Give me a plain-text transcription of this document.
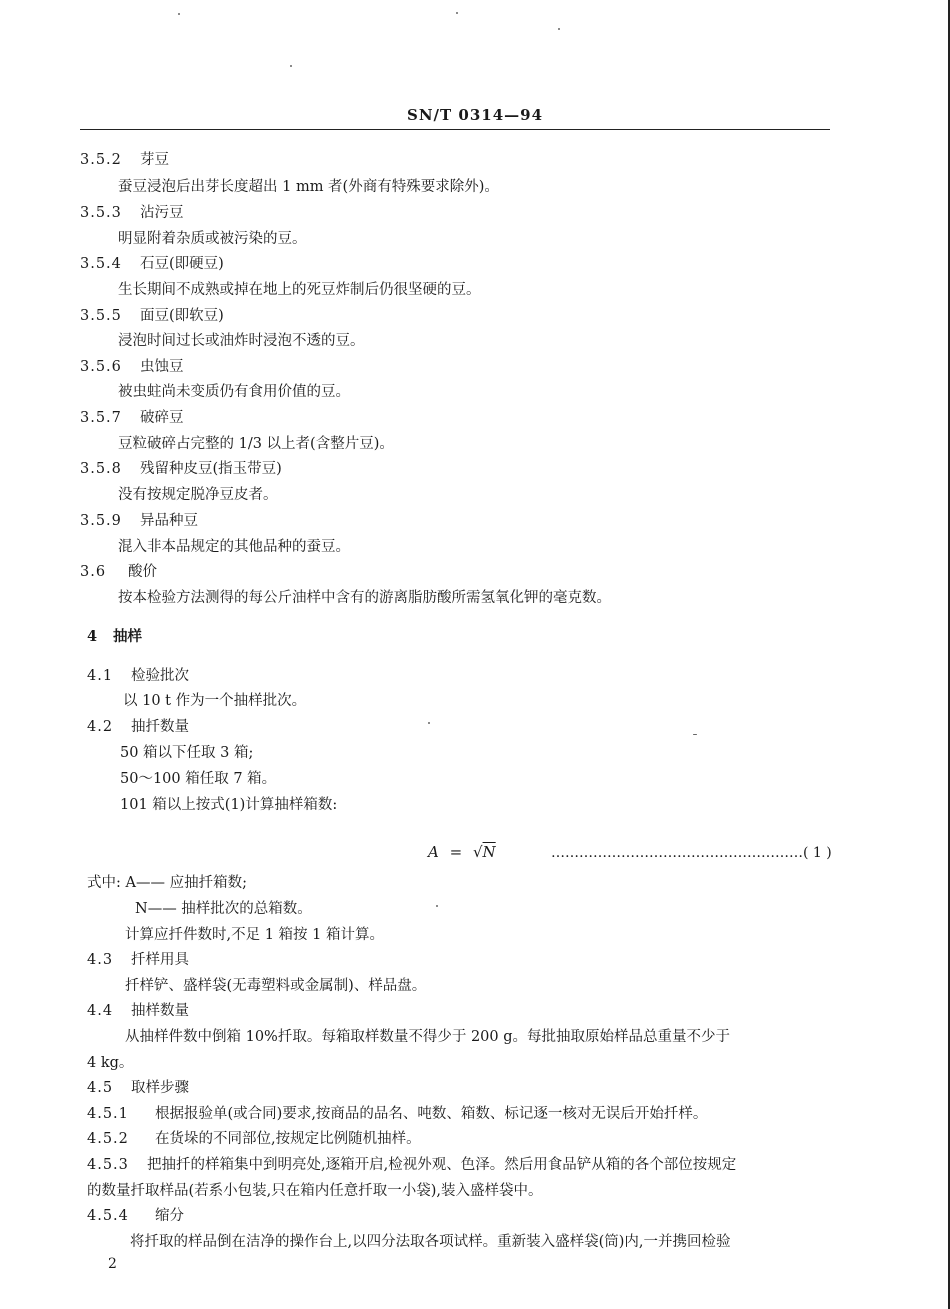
SN/T 0314—94
3.5.2 芽豆
蚕豆浸泡后出芽长度超出 1 mm 者(外商有特殊要求除外)。
3.5.3 沾污豆
明显附着杂质或被污染的豆。
3.5.4 石豆(即硬豆)
生长期间不成熟或掉在地上的死豆炸制后仍很坚硬的豆。
3.5.5 面豆(即软豆)
浸泡时间过长或油炸时浸泡不透的豆。
3.5.6 虫蚀豆
被虫蛀尚未变质仍有食用价值的豆。
3.5.7 破碎豆
豆粒破碎占完整的 1/3 以上者(含整片豆)。
3.5.8 残留种皮豆(指玉带豆)
没有按规定脱净豆皮者。
3.5.9 异品种豆
混入非本品规定的其他品种的蚕豆。
3.6 酸价
按本检验方法测得的每公斤油样中含有的游离脂肪酸所需氢氧化钾的毫克数。
4 抽样
4.1 检验批次
以 10 t 作为一个抽样批次。
4.2 抽扦数量
50 箱以下任取 3 箱;
50～100 箱任取 7 箱。
101 箱以上按式(1)计算抽样箱数:
A = √N	………………………………………………( 1 )
式中: A—— 应抽扦箱数;
N—— 抽样批次的总箱数。
计算应扦件数时,不足 1 箱按 1 箱计算。
4.3 扦样用具
扦样铲、盛样袋(无毒塑料或金属制)、样品盘。
4.4 抽样数量
从抽样件数中倒箱 10%扦取。每箱取样数量不得少于 200 g。每批抽取原始样品总重量不少于
4 kg。
4.5 取样步骤
4.5.1 根据报验单(或合同)要求,按商品的品名、吨数、箱数、标记逐一核对无误后开始扦样。
4.5.2 在货垛的不同部位,按规定比例随机抽样。
4.5.3 把抽扦的样箱集中到明亮处,逐箱开启,检视外观、色泽。然后用食品铲从箱的各个部位按规定
的数量扦取样品(若系小包装,只在箱内任意扦取一小袋),装入盛样袋中。
4.5.4 缩分
将扦取的样品倒在洁净的操作台上,以四分法取各项试样。重新装入盛样袋(筒)内,一并携回检验
2
